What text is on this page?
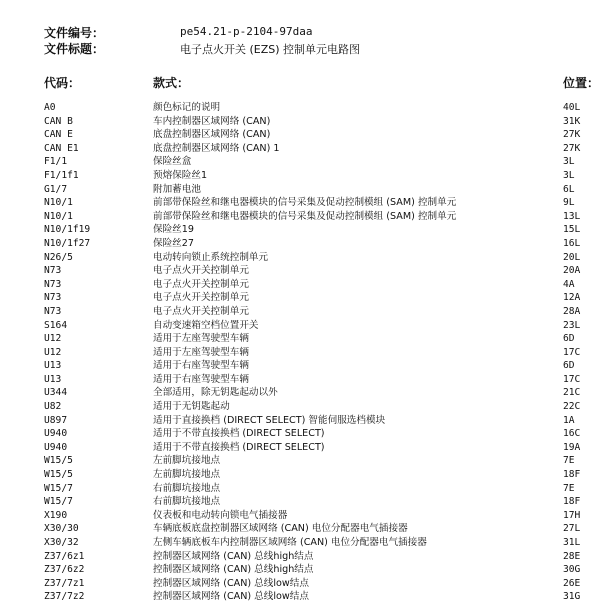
文件编号：	pe54.21-p-2104-97daa
文件标题：	电子点火开关 (EZS) 控制单元电路图
代码：	款式：	位置：
A0	颜色标记的说明	40L
CAN B	车内控制器区域网络 (CAN)	31K
CAN E	底盘控制器区域网络 (CAN)	27K
CAN E1	底盘控制器区域网络 (CAN) 1	27K
F1/1	保险丝盒	3L
F1/1f1	预熔保险丝1	3L
G1/7	附加蓄电池	6L
N10/1	前部带保险丝和继电器模块的信号采集及促动控制模组 (SAM) 控制单元	9L
N10/1	前部带保险丝和继电器模块的信号采集及促动控制模组 (SAM) 控制单元	13L
N10/1f19	保险丝19	15L
N10/1f27	保险丝27	16L
N26/5	电动转向锁止系统控制单元	20L
N73	电子点火开关控制单元	20A
N73	电子点火开关控制单元	4A
N73	电子点火开关控制单元	12A
N73	电子点火开关控制单元	28A
S164	自动变速箱空档位置开关	23L
U12	适用于左座驾驶型车辆	6D
U12	适用于左座驾驶型车辆	17C
U13	适用于右座驾驶型车辆	6D
U13	适用于右座驾驶型车辆	17C
U344	全部适用，除无钥匙起动以外	21C
U82	适用于无钥匙起动	22C
U897	适用于直接换档 (DIRECT SELECT) 智能伺服选档模块	1A
U940	适用于不带直接换档 (DIRECT SELECT)	16C
U940	适用于不带直接换档 (DIRECT SELECT)	19A
W15/5	左前脚坑接地点	7E
W15/5	左前脚坑接地点	18F
W15/7	右前脚坑接地点	7E
W15/7	右前脚坑接地点	18F
X190	仪表板和电动转向锁电气插接器	17H
X30/30	车辆底板底盘控制器区域网络 (CAN) 电位分配器电气插接器	27L
X30/32	左侧车辆底板车内控制器区域网络 (CAN) 电位分配器电气插接器	31L
Z37/6z1	控制器区域网络 (CAN) 总线high结点	28E
Z37/6z2	控制器区域网络 (CAN) 总线high结点	30G
Z37/7z1	控制器区域网络 (CAN) 总线low结点	26E
Z37/7z2	控制器区域网络 (CAN) 总线low结点	31G
